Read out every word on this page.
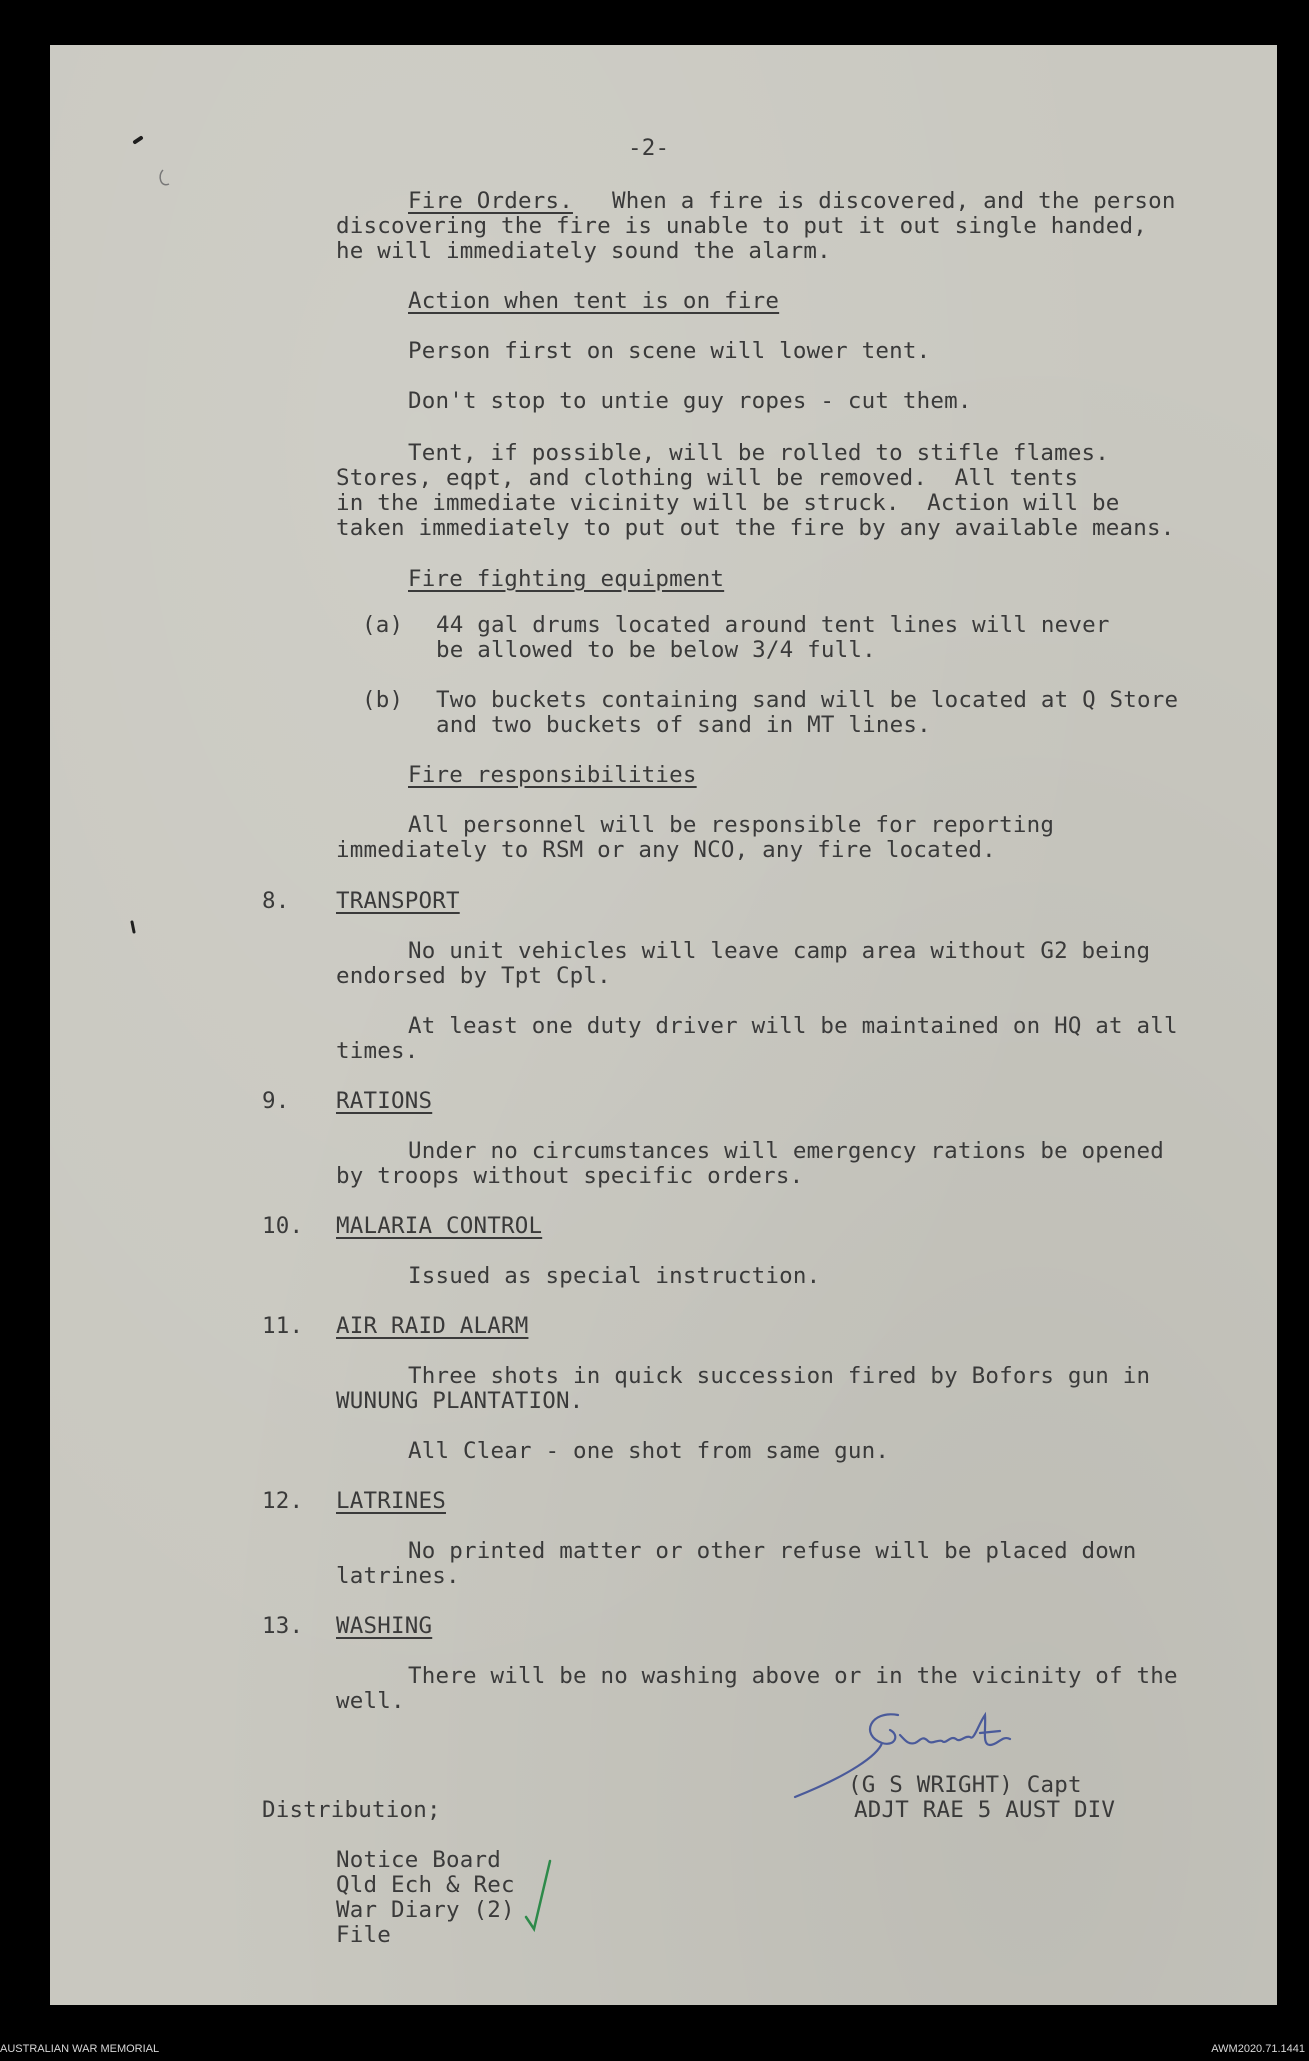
-2-
Fire Orders. When a fire is discovered, and the person
discovering the fire is unable to put it out single handed,
he will immediately sound the alarm.
Action when tent is on fire
Person first on scene will lower tent.
Don't stop to untie guy ropes - cut them.
Tent, if possible, will be rolled to stifle flames.
Stores, eqpt, and clothing will be removed.  All tents
in the immediate vicinity will be struck.  Action will be
taken immediately to put out the fire by any available means.
Fire fighting equipment
(a) 44 gal drums located around tent lines will never
be allowed to be below 3/4 full.
(b) Two buckets containing sand will be located at Q Store
and two buckets of sand in MT lines.
Fire responsibilities
All personnel will be responsible for reporting
immediately to RSM or any NCO, any fire located.
8. TRANSPORT
No unit vehicles will leave camp area without G2 being
endorsed by Tpt Cpl.
At least one duty driver will be maintained on HQ at all
times.
9. RATIONS
Under no circumstances will emergency rations be opened
by troops without specific orders.
10. MALARIA CONTROL
Issued as special instruction.
11. AIR RAID ALARM
Three shots in quick succession fired by Bofors gun in
WUNUNG PLANTATION.
All Clear - one shot from same gun.
12. LATRINES
No printed matter or other refuse will be placed down
latrines.
13. WASHING
There will be no washing above or in the vicinity of the
well.
(G S WRIGHT) Capt
ADJT RAE 5 AUST DIV
Distribution;
Notice Board
Qld Ech & Rec
War Diary (2)
File
AUSTRALIAN WAR MEMORIAL	AWM2020.71.1441
